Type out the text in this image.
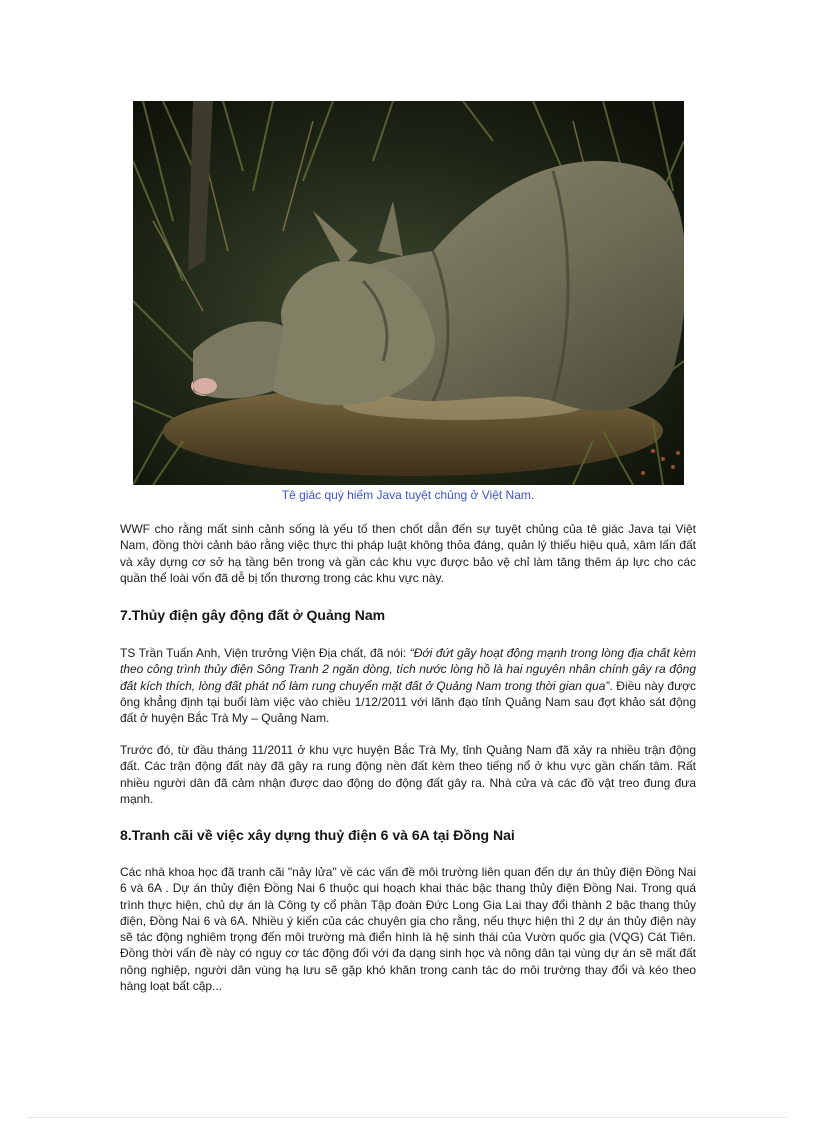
Tê giác quý hiếm Java tuyệt chủng ở Việt Nam.

WWF cho rằng mất sinh cảnh sống là yếu tố then chốt dẫn đến sự tuyệt chủng của tê giác Java tại Việt Nam, đồng thời cảnh báo rằng việc thực thi pháp luật không thỏa đáng, quản lý thiếu hiệu quả, xâm lấn đất và xây dựng cơ sở hạ tầng bên trong và gần các khu vực được bảo vệ chỉ làm tăng thêm áp lực cho các quần thể loài vốn đã dễ bị tổn thương trong các khu vực này.

7.Thủy điện gây động đất ở Quảng Nam

TS Trần Tuấn Anh, Viện trưởng Viện Địa chất, đã nói: “Đới đứt gãy hoạt động mạnh trong lòng địa chất kèm theo công trình thủy điện Sông Tranh 2 ngăn dòng, tích nước lòng hồ là hai nguyên nhân chính gây ra động đất kích thích, lòng đất phát nổ làm rung chuyển mặt đất ở Quảng Nam trong thời gian qua”. Điều này được ông khẳng định tại buổi làm việc vào chiều 1/12/2011 với lãnh đạo tỉnh Quảng Nam sau đợt khảo sát động đất ở huyện Bắc Trà My – Quảng Nam.

Trước đó, từ đầu tháng 11/2011 ở khu vực huyện Bắc Trà My, tỉnh Quảng Nam đã xảy ra nhiều trận động đất. Các trận động đất này đã gây ra rung động nền đất kèm theo tiếng nổ ở khu vực gần chấn tâm. Rất nhiều người dân đã cảm nhận được dao động do động đất gây ra. Nhà cửa và các đồ vật treo đung đưa mạnh.

8.Tranh cãi về việc xây dựng thuỷ điện 6 và 6A tại Đồng Nai

Các nhà khoa học đã tranh cãi "nảy lửa" về các vấn đề môi trường liên quan đến dự án thủy điện Đồng Nai 6 và 6A . Dự án thủy điện Đồng Nai 6 thuộc qui hoạch khai thác bậc thang thủy điện Đồng Nai. Trong quá trình thực hiện, chủ dự án là Công ty cổ phần Tập đoàn Đức Long Gia Lai thay đổi thành 2 bậc thang thủy điện, Đồng Nai 6 và 6A. Nhiều ý kiến của các chuyên gia cho rằng, nếu thực hiện thì 2 dự án thủy điện này sẽ tác động nghiêm trọng đến môi trường mà điển hình là hệ sinh thái của Vườn quốc gia (VQG) Cát Tiên. Đồng thời vấn đề này có nguy cơ tác động đối với đa dạng sinh học và nông dân tại vùng dự án sẽ mất đất nông nghiệp, người dân vùng hạ lưu sẽ gặp khó khăn trong canh tác do môi trường thay đổi và kéo theo hàng loạt bất cập...
